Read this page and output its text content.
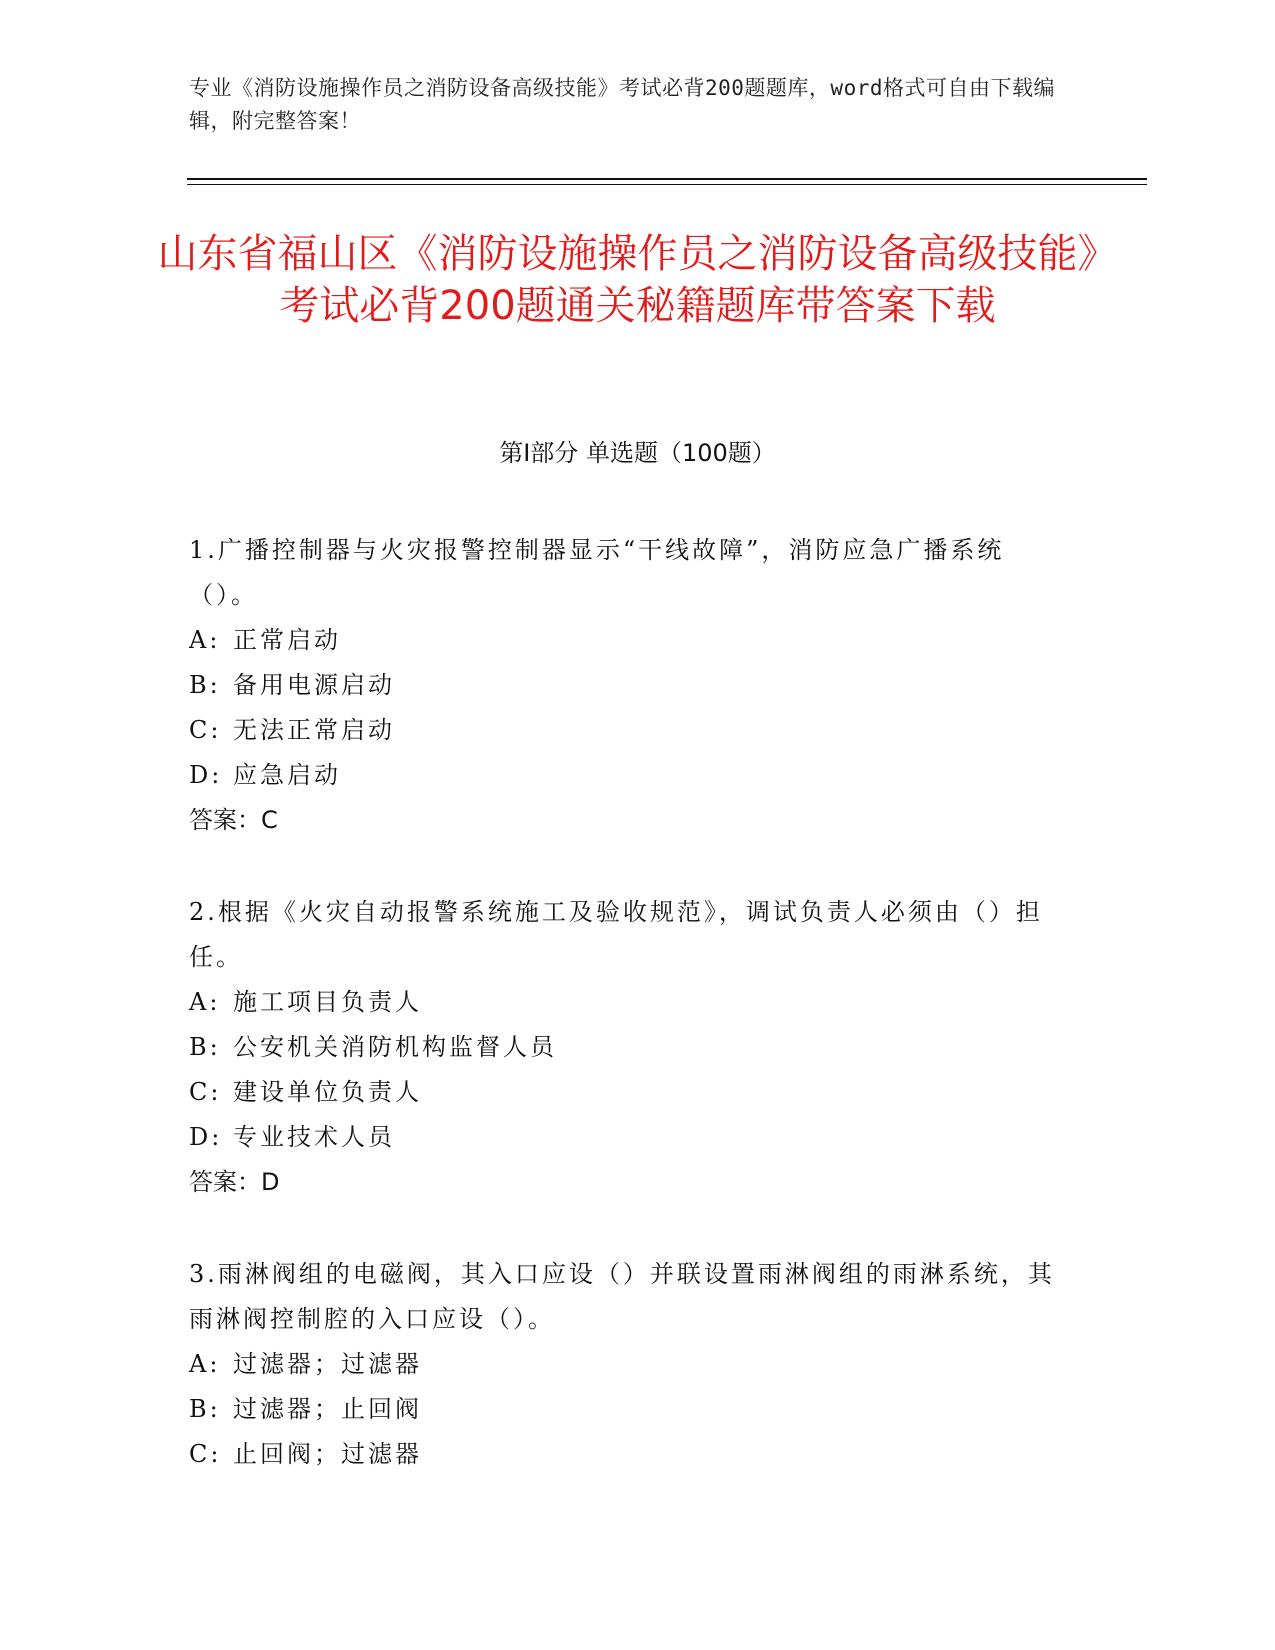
专业《消防设施操作员之消防设备高级技能》考试必背200题题库，word格式可自由下载编辑，附完整答案！

山东省福山区《消防设施操作员之消防设备高级技能》考试必背200题通关秘籍题库带答案下载
第Ⅰ部分 单选题（100题）

1.广播控制器与火灾报警控制器显示“干线故障”，消防应急广播系统（）。

A: 正常启动
B: 备用电源启动
C: 无法正常启动
D: 应急启动
答案：C

2.根据《火灾自动报警系统施工及验收规范》，调试负责人必须由（）担任。

A: 施工项目负责人
B: 公安机关消防机构监督人员
C: 建设单位负责人
D: 专业技术人员
答案：D

3.雨淋阀组的电磁阀，其入口应设（）并联设置雨淋阀组的雨淋系统，其雨淋阀控制腔的入口应设（）。

A: 过滤器；过滤器
B: 过滤器；止回阀
C: 止回阀；过滤器
